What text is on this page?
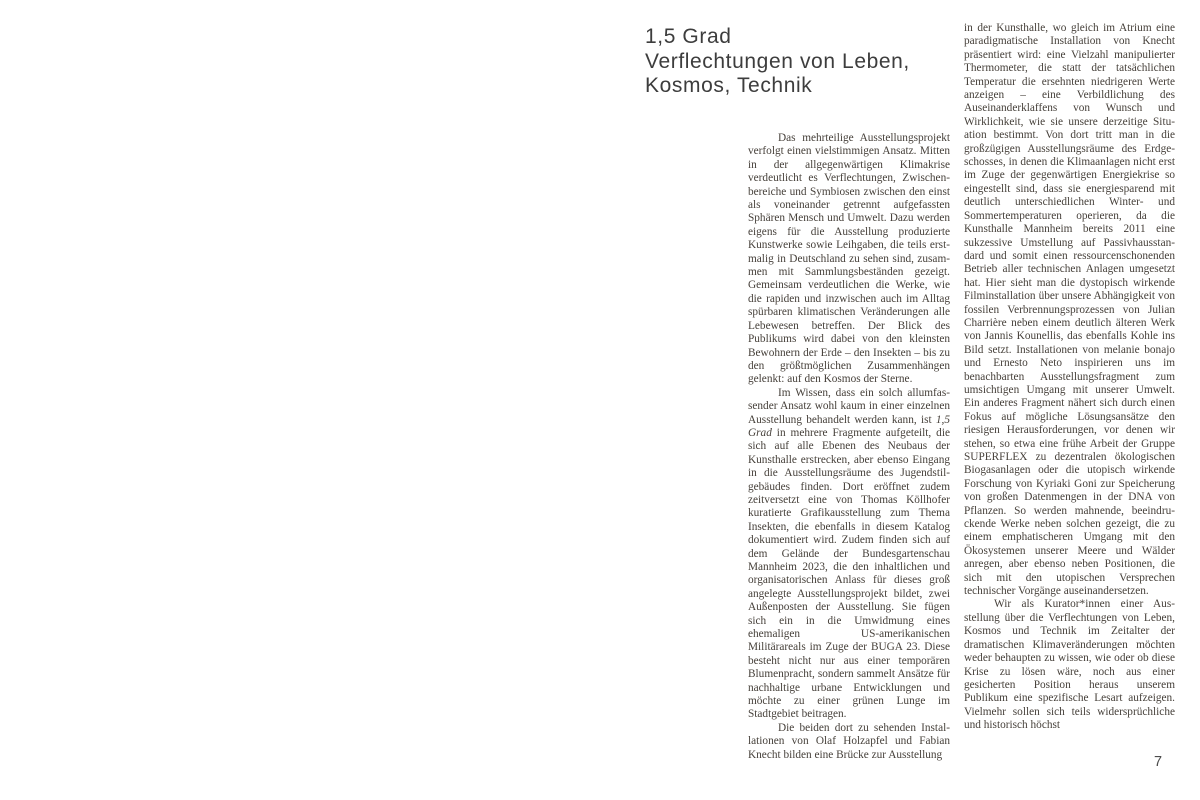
1,5 Grad
Verflechtungen von Leben,
Kosmos, Technik

Das mehrteilige Ausstellungsprojekt verfolgt einen vielstimmigen Ansatz. Mitten in der allgegenwärtigen Klimakrise verdeutlicht es Verflechtungen, Zwischenbereiche und Symbiosen zwischen den einst als voneinander getrennt aufgefassten Sphären Mensch und Umwelt. Dazu werden eigens für die Ausstellung produzierte Kunstwerke sowie Leihgaben, die teils erstmalig in Deutschland zu sehen sind, zusammen mit Sammlungsbeständen gezeigt. Gemeinsam verdeutlichen die Werke, wie die rapiden und inzwischen auch im Alltag spürbaren klimatischen Veränderungen alle Lebewesen betreffen. Der Blick des Publikums wird dabei von den kleinsten Bewohnern der Erde – den Insekten – bis zu den größtmöglichen Zusammenhängen gelenkt: auf den Kosmos der Sterne.

Im Wissen, dass ein solch allumfassender Ansatz wohl kaum in einer einzelnen Ausstellung behandelt werden kann, ist 1,5 Grad in mehrere Fragmente aufgeteilt, die sich auf alle Ebenen des Neubaus der Kunsthalle erstrecken, aber ebenso Eingang in die Ausstellungsräume des Jugendstilgebäudes finden. Dort eröffnet zudem zeitversetzt eine von Thomas Köllhofer kuratierte Grafikausstellung zum Thema Insekten, die ebenfalls in diesem Katalog dokumentiert wird. Zudem finden sich auf dem Gelände der Bundesgartenschau Mannheim 2023, die den inhaltlichen und organisatorischen Anlass für dieses groß angelegte Ausstellungsprojekt bildet, zwei Außenposten der Ausstellung. Sie fügen sich ein in die Umwidmung eines ehemaligen US-amerikanischen Militärareals im Zuge der BUGA 23. Diese besteht nicht nur aus einer temporären Blumenpracht, sondern sammelt Ansätze für nachhaltige urbane Entwicklungen und möchte zu einer grünen Lunge im Stadtgebiet beitragen.

Die beiden dort zu sehenden Installationen von Olaf Holzapfel und Fabian Knecht bilden eine Brücke zur Ausstellung

in der Kunsthalle, wo gleich im Atrium eine paradigmatische Installation von Knecht präsentiert wird: eine Vielzahl manipulierter Thermometer, die statt der tatsächlichen Temperatur die ersehnten niedrigeren Werte anzeigen – eine Verbildlichung des Auseinanderklaffens von Wunsch und Wirklichkeit, wie sie unsere derzeitige Situation bestimmt. Von dort tritt man in die großzügigen Ausstellungsräume des Erdgeschosses, in denen die Klimaanlagen nicht erst im Zuge der gegenwärtigen Energiekrise so eingestellt sind, dass sie energiesparend mit deutlich unterschiedlichen Winter- und Sommertemperaturen operieren, da die Kunsthalle Mannheim bereits 2011 eine sukzessive Umstellung auf Passivhausstandard und somit einen ressourcenschonenden Betrieb aller technischen Anlagen umgesetzt hat. Hier sieht man die dystopisch wirkende Filminstallation über unsere Abhängigkeit von fossilen Verbrennungsprozessen von Julian Charrière neben einem deutlich älteren Werk von Jannis Kounellis, das ebenfalls Kohle ins Bild setzt. Installationen von melanie bonajo und Ernesto Neto inspirieren uns im benachbarten Ausstellungsfragment zum umsichtigen Umgang mit unserer Umwelt. Ein anderes Fragment nähert sich durch einen Fokus auf mögliche Lösungsansätze den riesigen Herausforderungen, vor denen wir stehen, so etwa eine frühe Arbeit der Gruppe SUPERFLEX zu dezentralen ökologischen Biogasanlagen oder die utopisch wirkende Forschung von Kyriaki Goni zur Speicherung von großen Datenmengen in der DNA von Pflanzen. So werden mahnende, beeindruckende Werke neben solchen gezeigt, die zu einem emphatischeren Umgang mit den Ökosystemen unserer Meere und Wälder anregen, aber ebenso neben Positionen, die sich mit den utopischen Versprechen technischer Vorgänge auseinandersetzen.

Wir als Kurator*innen einer Ausstellung über die Verflechtungen von Leben, Kosmos und Technik im Zeitalter der dramatischen Klimaveränderungen möchten weder behaupten zu wissen, wie oder ob diese Krise zu lösen wäre, noch aus einer gesicherten Position heraus unserem Publikum eine spezifische Lesart aufzeigen. Vielmehr sollen sich teils widersprüchliche und historisch höchst

7
